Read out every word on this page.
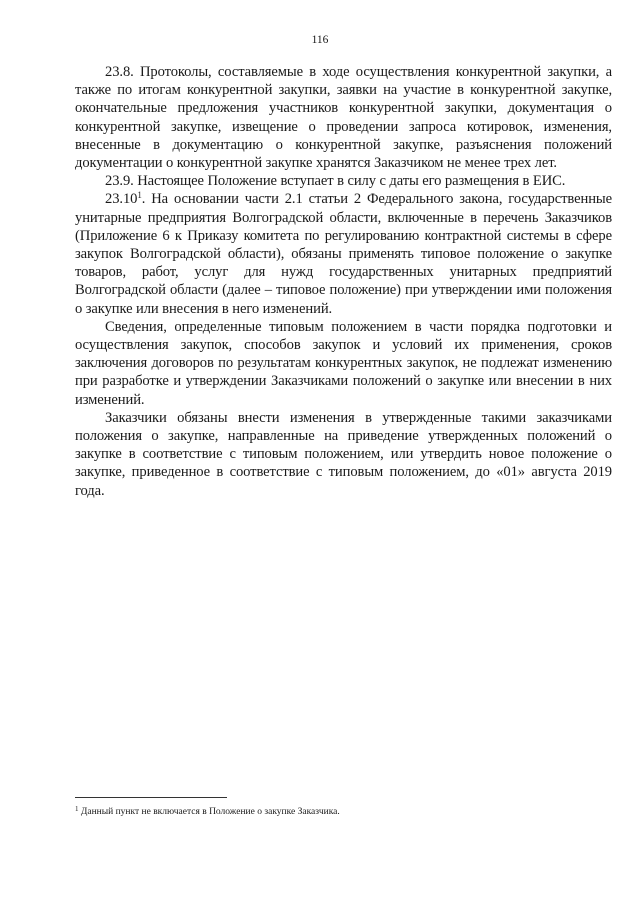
116

23.8. Протоколы, составляемые в ходе осуществления конкурентной закупки, а также по итогам конкурентной закупки, заявки на участие в конкурентной закупке, окончательные предложения участников конкурентной закупки, документация о конкурентной закупке, извещение о проведении запроса котировок, изменения, внесенные в документацию о конкурентной закупке, разъяснения положений документации о конкурентной закупке хранятся Заказчиком не менее трех лет.

23.9. Настоящее Положение вступает в силу с даты его размещения в ЕИС.

23.10$^1$. На основании части 2.1 статьи 2 Федерального закона, государственные унитарные предприятия Волгоградской области, включенные в перечень Заказчиков (Приложение 6 к Приказу комитета по регулированию контрактной системы в сфере закупок Волгоградской области), обязаны применять типовое положение о закупке товаров, работ, услуг для нужд государственных унитарных предприятий Волгоградской области (далее – типовое положение) при утверждении ими положения о закупке или внесения в него изменений.

Сведения, определенные типовым положением в части порядка подготовки и осуществления закупок, способов закупок и условий их применения, сроков заключения договоров по результатам конкурентных закупок, не подлежат изменению при разработке и утверждении Заказчиками положений о закупке или внесении в них изменений.

Заказчики обязаны внести изменения в утвержденные такими заказчиками положения о закупке, направленные на приведение утвержденных положений о закупке в соответствие с типовым положением, или утвердить новое положение о закупке, приведенное в соответствие с типовым положением, до «01» августа 2019 года.

$^1$ Данный пункт не включается в Положение о закупке Заказчика.
